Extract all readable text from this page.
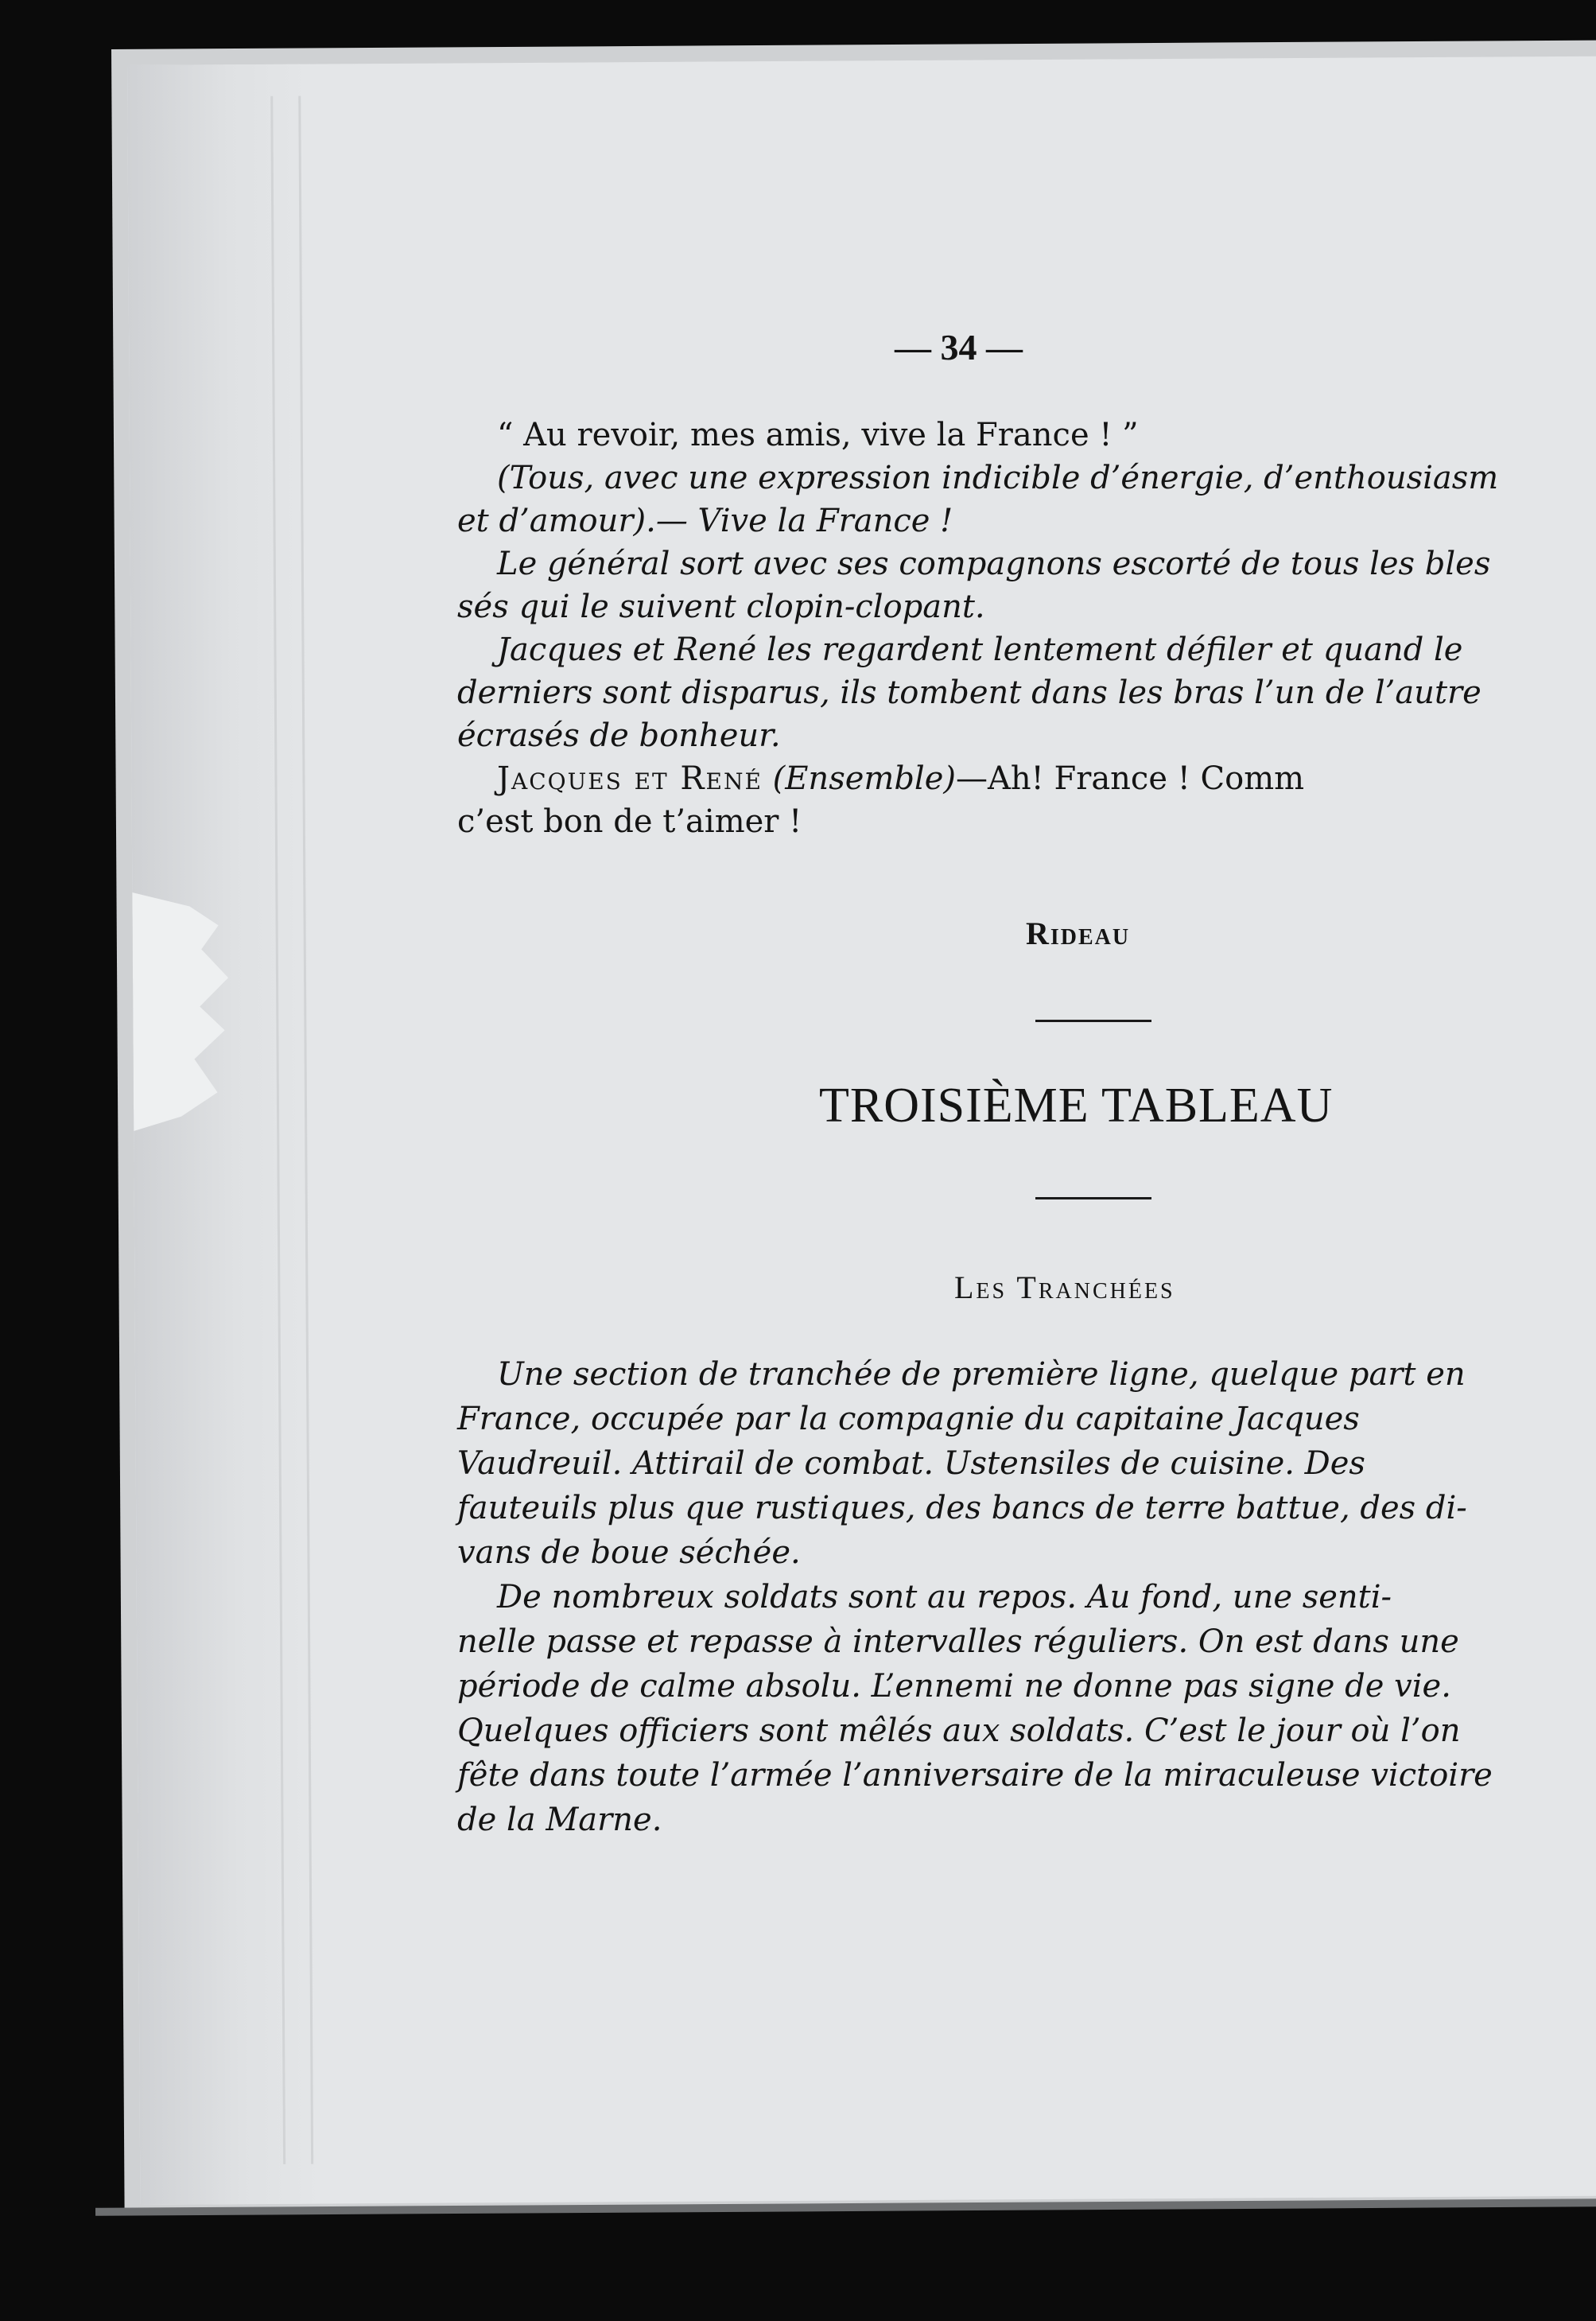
— 34 —
“ Au revoir, mes amis, vive la France ! ”
(Tous, avec une expression indicible d’énergie, d’enthousiasm
et d’amour).— Vive la France !
Le général sort avec ses compagnons escorté de tous les bles
sés qui le suivent clopin-clopant.
Jacques et René les regardent lentement défiler et quand le
derniers sont disparus, ils tombent dans les bras l’un de l’autre
écrasés de bonheur.
Jacques et René (Ensemble)—Ah! France ! Comm
c’est bon de t’aimer !
Rideau
TROISIÈME TABLEAU
Les Tranchées
Une section de tranchée de première ligne, quelque part en
France, occupée par la compagnie du capitaine Jacques
Vaudreuil. Attirail de combat. Ustensiles de cuisine. Des
fauteuils plus que rustiques, des bancs de terre battue, des di-
vans de boue séchée.
De nombreux soldats sont au repos. Au fond, une senti-
nelle passe et repasse à intervalles réguliers. On est dans une
période de calme absolu. L’ennemi ne donne pas signe de vie.
Quelques officiers sont mêlés aux soldats. C’est le jour où l’on
fête dans toute l’armée l’anniversaire de la miraculeuse victoire
de la Marne.
